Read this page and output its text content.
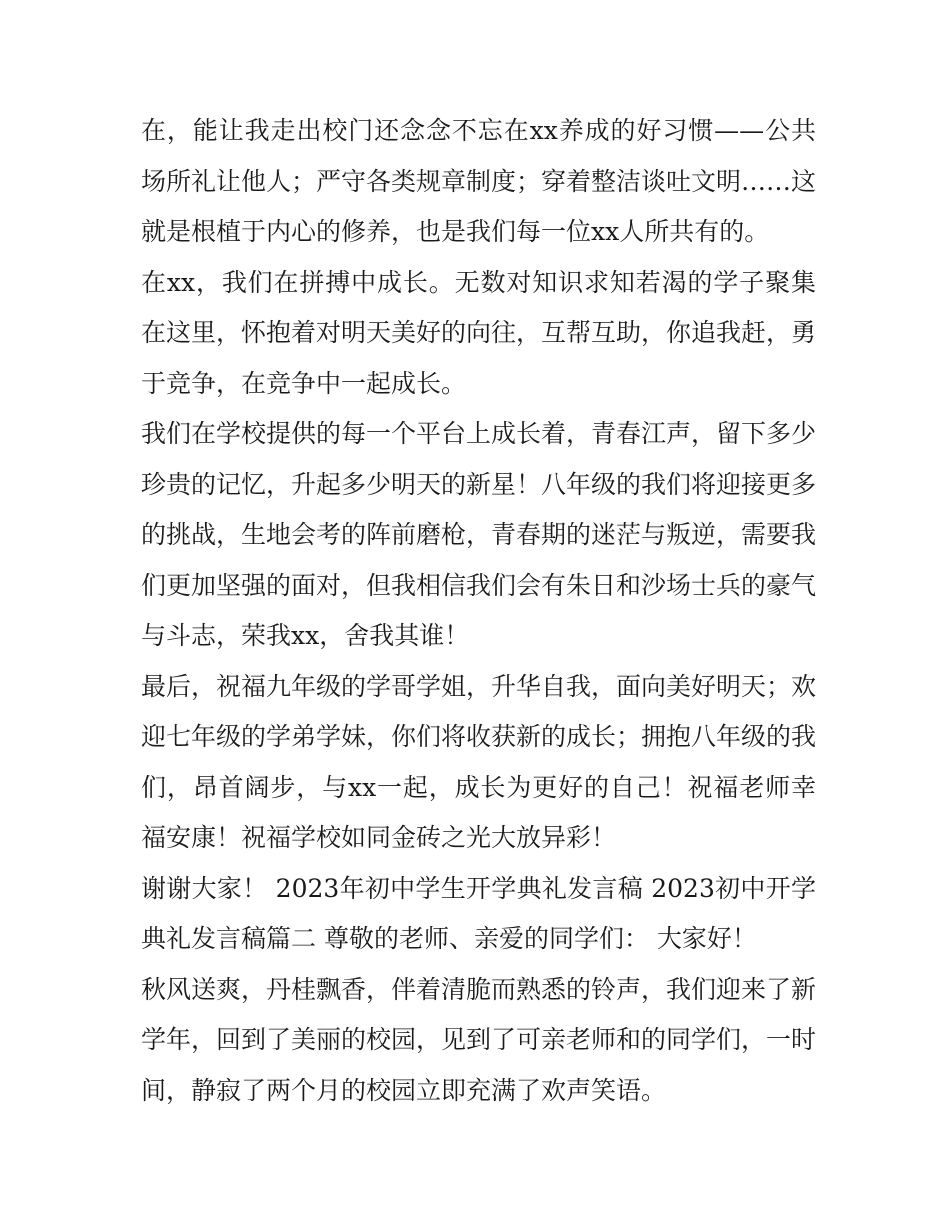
在，能让我走出校门还念念不忘在xx养成的好习惯——公共场所礼让他人；严守各类规章制度；穿着整洁谈吐文明……这就是根植于内心的修养，也是我们每一位xx人所共有的。

在xx，我们在拼搏中成长。无数对知识求知若渴的学子聚集在这里，怀抱着对明天美好的向往，互帮互助，你追我赶，勇于竞争，在竞争中一起成长。

我们在学校提供的每一个平台上成长着，青春江声，留下多少珍贵的记忆，升起多少明天的新星！八年级的我们将迎接更多的挑战，生地会考的阵前磨枪，青春期的迷茫与叛逆，需要我们更加坚强的面对，但我相信我们会有朱日和沙场士兵的豪气与斗志，荣我xx，舍我其谁！

最后，祝福九年级的学哥学姐，升华自我，面向美好明天；欢迎七年级的学弟学妹，你们将收获新的成长；拥抱八年级的我们，昂首阔步，与xx一起，成长为更好的自己！祝福老师幸福安康！祝福学校如同金砖之光大放异彩！

谢谢大家！ 2023年初中学生开学典礼发言稿 2023初中开学典礼发言稿篇二 尊敬的老师、亲爱的同学们： 大家好！

秋风送爽，丹桂飘香，伴着清脆而熟悉的铃声，我们迎来了新学年，回到了美丽的校园，见到了可亲老师和的同学们，一时间，静寂了两个月的校园立即充满了欢声笑语。
